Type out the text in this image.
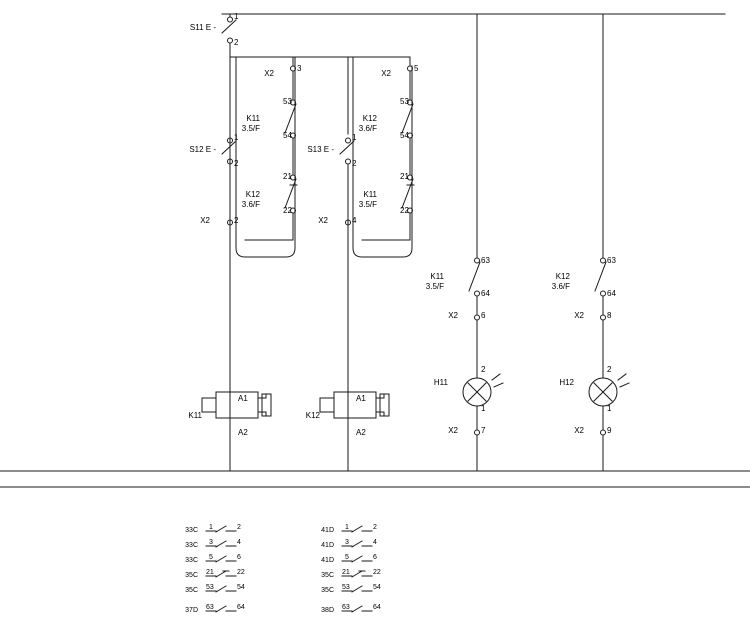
S11 E -
1
2
S12 E -
1
2
S13 E -
1
2
X2
3
X2
5
X2	2	X2	4
K11
3.5/F
53
54
K12
3.6/F
53
54
K12
3.6/F
21
22
K11
3.5/F
21
22
K11
3.5/F
63
64
K12
3.6/F
63
64
X2	6	X2	8
X2	7	X2	9
K11
A1
A2
K12
A1
A2
H11
2
1
H12
2
1
33C 1	2
33C 3	4
33C 5	6
35C 21	22
35C 53	54
37D 63	64
41D 1	2
41D 3	4
41D 5	6
35C 21	22
35C 53	54
38D 63	64
